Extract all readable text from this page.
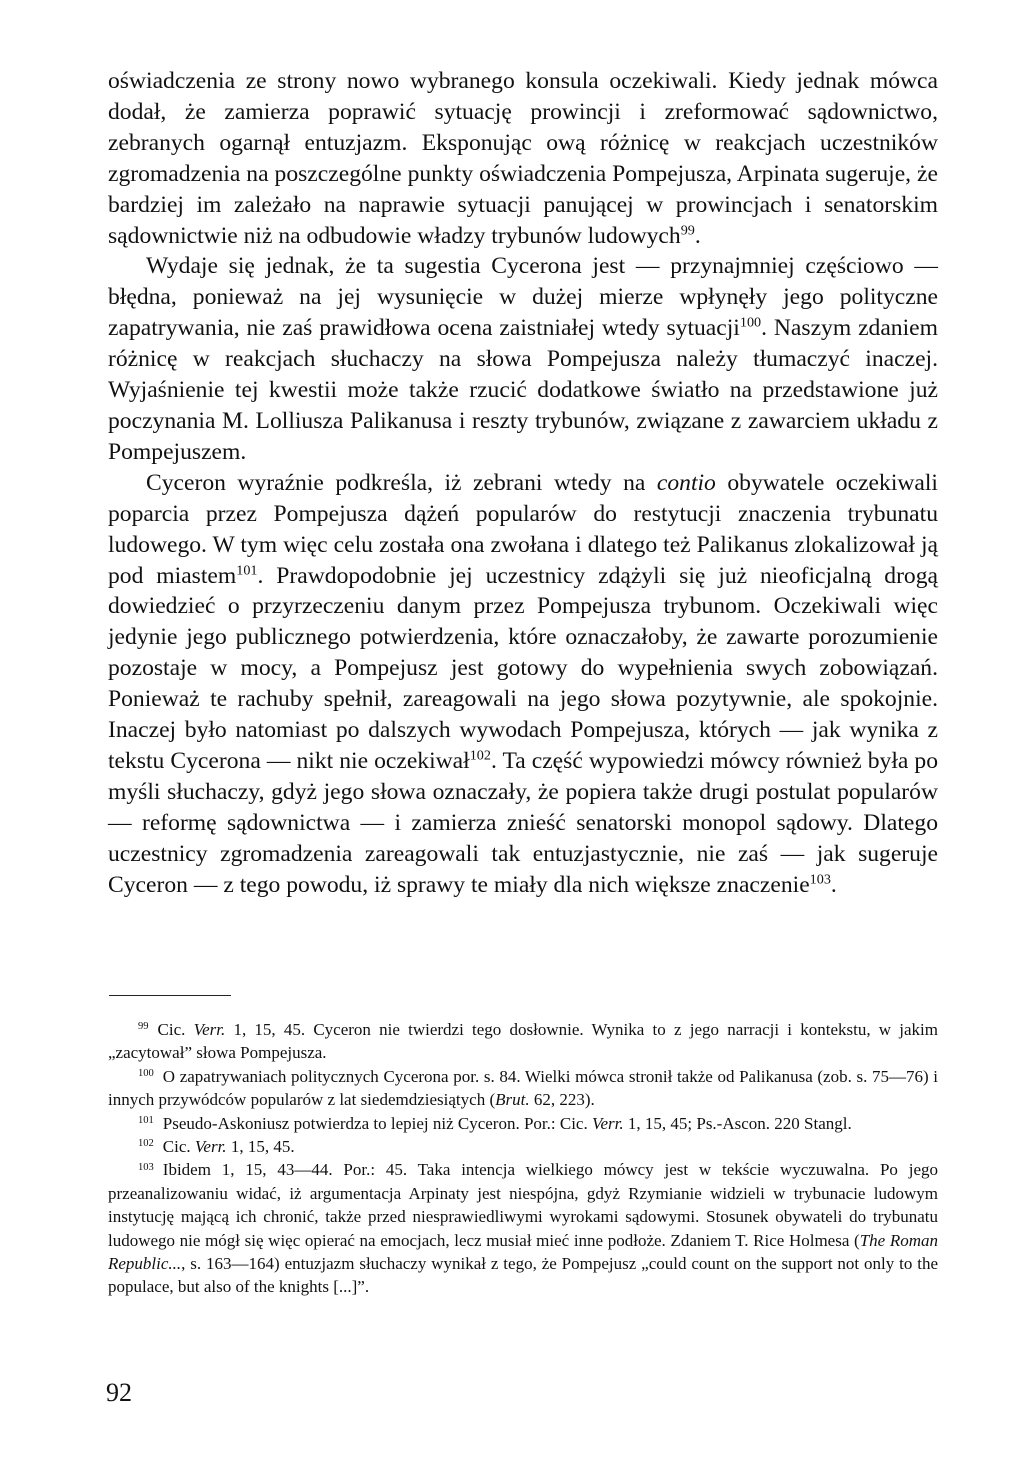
oświadczenia ze strony nowo wybranego konsula oczekiwali. Kiedy jednak mówca dodał, że zamierza poprawić sytuację prowincji i zreformować sądownictwo, zebranych ogarnął entuzjazm. Eksponując ową różnicę w reakcjach uczestników zgromadzenia na poszczególne punkty oświadczenia Pompejusza, Arpinata sugeruje, że bardziej im zależało na naprawie sytuacji panującej w prowincjach i senatorskim sądownictwie niż na odbudowie władzy trybunów ludowych$^{99}$.

Wydaje się jednak, że ta sugestia Cycerona jest — przynajmniej częściowo — błędna, ponieważ na jej wysunięcie w dużej mierze wpłynęły jego polityczne zapatrywania, nie zaś prawidłowa ocena zaistniałej wtedy sytuacji$^{100}$. Naszym zdaniem różnicę w reakcjach słuchaczy na słowa Pompejusza należy tłumaczyć inaczej. Wyjaśnienie tej kwestii może także rzucić dodatkowe światło na przedstawione już poczynania M. Lolliusza Palikanusa i reszty trybunów, związane z zawarciem układu z Pompejuszem.

Cyceron wyraźnie podkreśla, iż zebrani wtedy na contio obywatele oczekiwali poparcia przez Pompejusza dążeń popularów do restytucji znaczenia trybunatu ludowego. W tym więc celu została ona zwołana i dlatego też Palikanus zlokalizował ją pod miastem$^{101}$. Prawdopodobnie jej uczestnicy zdążyli się już nieoficjalną drogą dowiedzieć o przyrzeczeniu danym przez Pompejusza trybunom. Oczekiwali więc jedynie jego publicznego potwierdzenia, które oznaczałoby, że zawarte porozumienie pozostaje w mocy, a Pompejusz jest gotowy do wypełnienia swych zobowiązań. Ponieważ te rachuby spełnił, zareagowali na jego słowa pozytywnie, ale spokojnie. Inaczej było natomiast po dalszych wywodach Pompejusza, których — jak wynika z tekstu Cycerona — nikt nie oczekiwał$^{102}$. Ta część wypowiedzi mówcy również była po myśli słuchaczy, gdyż jego słowa oznaczały, że popiera także drugi postulat popularów — reformę sądownictwa — i zamierza znieść senatorski monopol sądowy. Dlatego uczestnicy zgromadzenia zareagowali tak entuzjastycznie, nie zaś — jak sugeruje Cyceron — z tego powodu, iż sprawy te miały dla nich większe znaczenie$^{103}$.

$^{99}$ Cic. Verr. 1, 15, 45. Cyceron nie twierdzi tego dosłownie. Wynika to z jego narracji i kontekstu, w jakim „zacytował” słowa Pompejusza.

$^{100}$ O zapatrywaniach politycznych Cycerona por. s. 84. Wielki mówca stronił także od Palikanusa (zob. s. 75—76) i innych przywódców popularów z lat siedemdziesiątych (Brut. 62, 223).

$^{101}$ Pseudo-Askoniusz potwierdza to lepiej niż Cyceron. Por.: Cic. Verr. 1, 15, 45; Ps.-Ascon. 220 Stangl.

$^{102}$ Cic. Verr. 1, 15, 45.

$^{103}$ Ibidem 1, 15, 43—44. Por.: 45. Taka intencja wielkiego mówcy jest w tekście wyczuwalna. Po jego przeanalizowaniu widać, iż argumentacja Arpinaty jest niespójna, gdyż Rzymianie widzieli w trybunacie ludowym instytucję mającą ich chronić, także przed niesprawiedliwymi wyrokami sądowymi. Stosunek obywateli do trybunatu ludowego nie mógł się więc opierać na emocjach, lecz musiał mieć inne podłoże. Zdaniem T. Rice Holmesa (The Roman Republic..., s. 163—164) entuzjazm słuchaczy wynikał z tego, że Pompejusz „could count on the support not only to the populace, but also of the knights [...]”.

92
